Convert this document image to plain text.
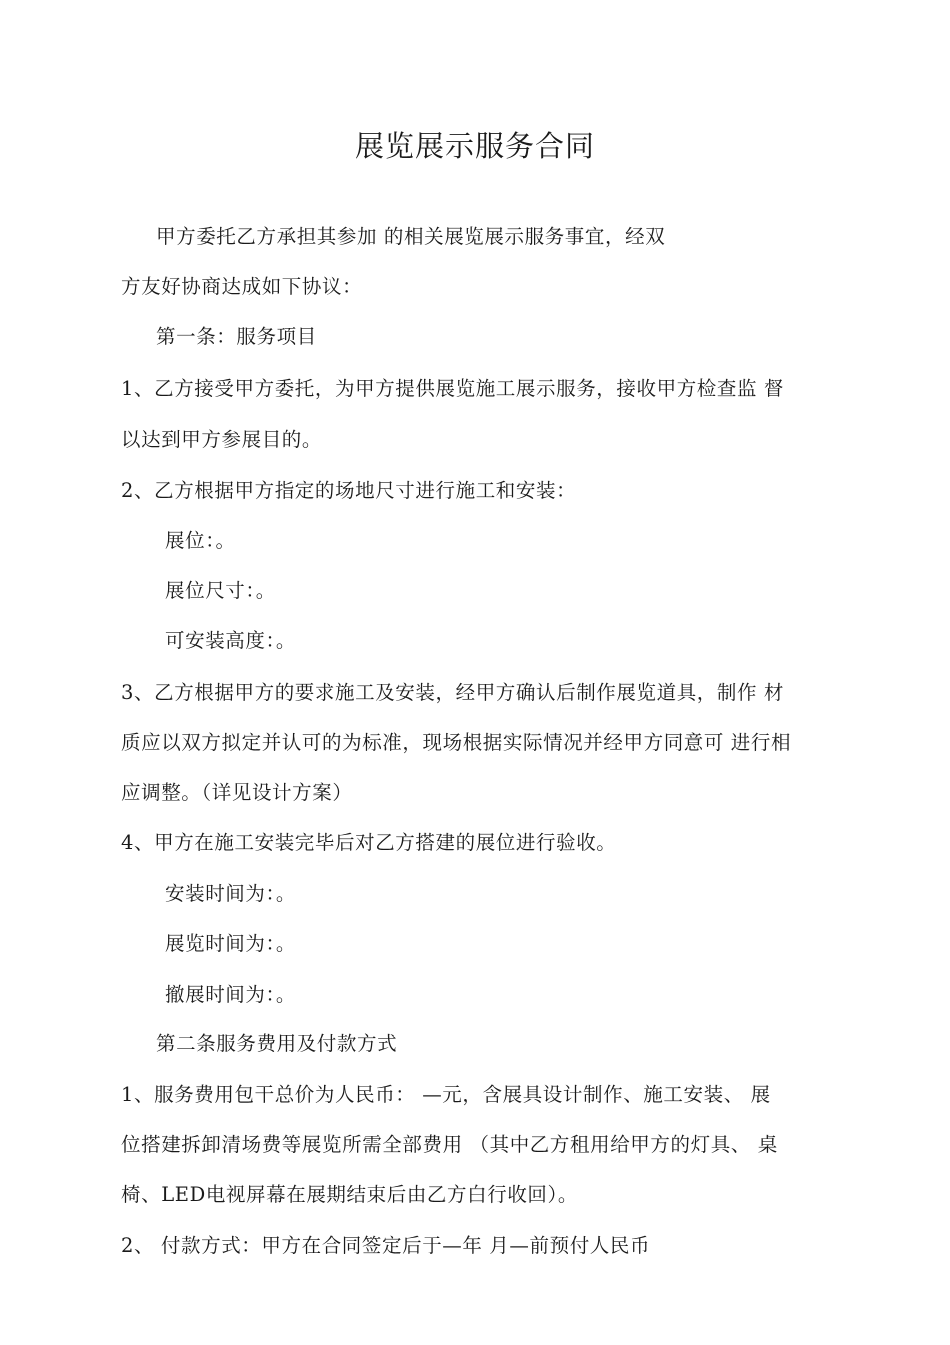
展览展示服务合同
甲方委托乙方承担其参加 的相关展览展示服务事宜，经双
方友好协商达成如下协议：
第一条：服务项目
1、乙方接受甲方委托，为甲方提供展览施工展示服务，接收甲方检查监 督
以达到甲方参展目的。
2、乙方根据甲方指定的场地尺寸进行施工和安装：
展位：。
展位尺寸：。
可安装高度：。
3、乙方根据甲方的要求施工及安装，经甲方确认后制作展览道具，制作 材
质应以双方拟定并认可的为标准，现场根据实际情况并经甲方同意可 进行相
应调整。（详见设计方案）
4、甲方在施工安装完毕后对乙方搭建的展位进行验收。
安装时间为：。
展览时间为：。
撤展时间为：。
第二条服务费用及付款方式
1、服务费用包干总价为人民币： —元，含展具设计制作、施工安装、 展
位搭建拆卸清场费等展览所需全部费用 （其中乙方租用给甲方的灯具、 桌
椅、LED电视屏幕在展期结束后由乙方白行收回）。
2、 付款方式：甲方在合同签定后于—年 月—前预付人民币
